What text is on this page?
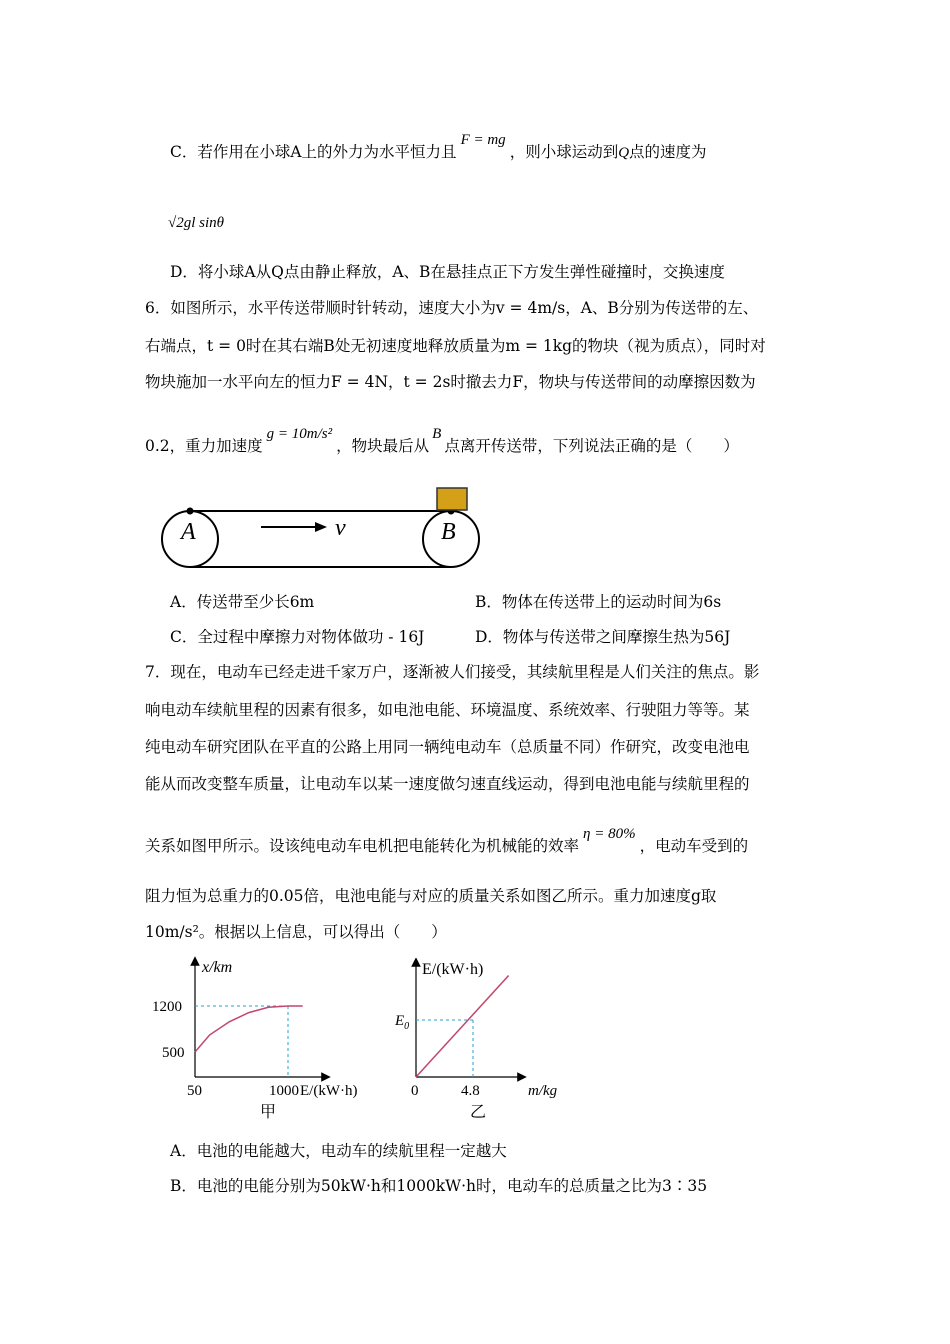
C．若作用在小球A上的外力为水平恒力且F = mg，则小球运动到Q点的速度为
√2gl sinθ
D．将小球A从Q点由静止释放，A、B在悬挂点正下方发生弹性碰撞时，交换速度
6．如图所示，水平传送带顺时针转动，速度大小为v = 4m/s，A、B分别为传送带的左、
右端点，t = 0时在其右端B处无初速度地释放质量为m = 1kg的物块（视为质点），同时对
物块施加一水平向左的恒力F = 4N，t = 2s时撤去力F，物块与传送带间的动摩擦因数为
0.2，重力加速度g = 10m/s²，物块最后从B点离开传送带，下列说法正确的是（　　）
A	B
v
A．传送带至少长6m	B．物体在传送带上的运动时间为6s
C．全过程中摩擦力对物体做功 - 16J	D．物体与传送带之间摩擦生热为56J
7．现在，电动车已经走进千家万户，逐渐被人们接受，其续航里程是人们关注的焦点。影
响电动车续航里程的因素有很多，如电池电能、环境温度、系统效率、行驶阻力等等。某
纯电动车研究团队在平直的公路上用同一辆纯电动车（总质量不同）作研究，改变电池电
能从而改变整车质量，让电动车以某一速度做匀速直线运动，得到电池电能与续航里程的
关系如图甲所示。设该纯电动车电机把电能转化为机械能的效率η = 80%，电动车受到的
阻力恒为总重力的0.05倍，电池电能与对应的质量关系如图乙所示。重力加速度g取
10m/s²。根据以上信息，可以得出（　　）
x/km
E/(kW·h)
1200
500
50	1000
甲
E/(kW·h)
$E_0$
0	4.8	m/kg
乙
A．电池的电能越大，电动车的续航里程一定越大
B．电池的电能分别为50kW·h和1000kW·h时，电动车的总质量之比为3∶35
